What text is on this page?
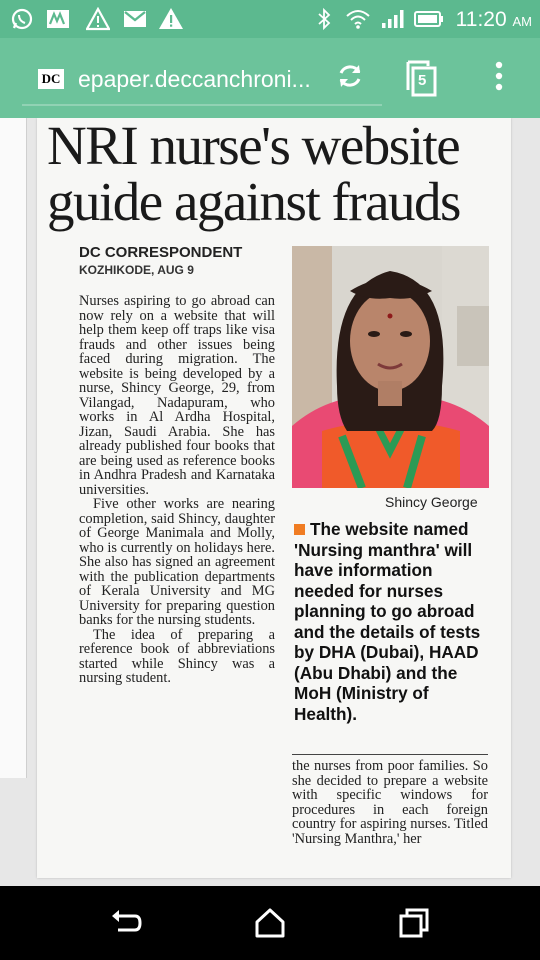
11:20 AM
DC epaper.deccanchroni...	5
NRI nurse's website
guide against frauds
DC CORRESPONDENT
KOZHIKODE, AUG 9

Nurses aspiring to go abroad can now rely on a website that will help them keep off traps like visa frauds and other issues being faced during migration. The website is being developed by a nurse, Shincy George, 29, from Vilangad, Nadapuram, who works in Al Ardha Hospital, Jizan, Saudi Arabia. She has already published four books that are being used as reference books in Andhra Pradesh and Karnataka universities.

Five other works are nearing completion, said Shincy, daughter of George Manimala and Molly, who is currently on holidays here. She also has signed an agreement with the publication departments of Kerala University and MG University for preparing question banks for the nursing students.

The idea of preparing a reference book of abbreviations started while Shincy was a nursing student.

Shincy George
The website named 'Nursing manthra' will have information needed for nurses planning to go abroad and the details of tests by DHA (Dubai), HAAD (Abu Dhabi) and the MoH (Ministry of Health).

the nurses from poor families. So she decided to prepare a website with specific windows for procedures in each foreign country for aspiring nurses. Titled 'Nursing Manthra,' her
